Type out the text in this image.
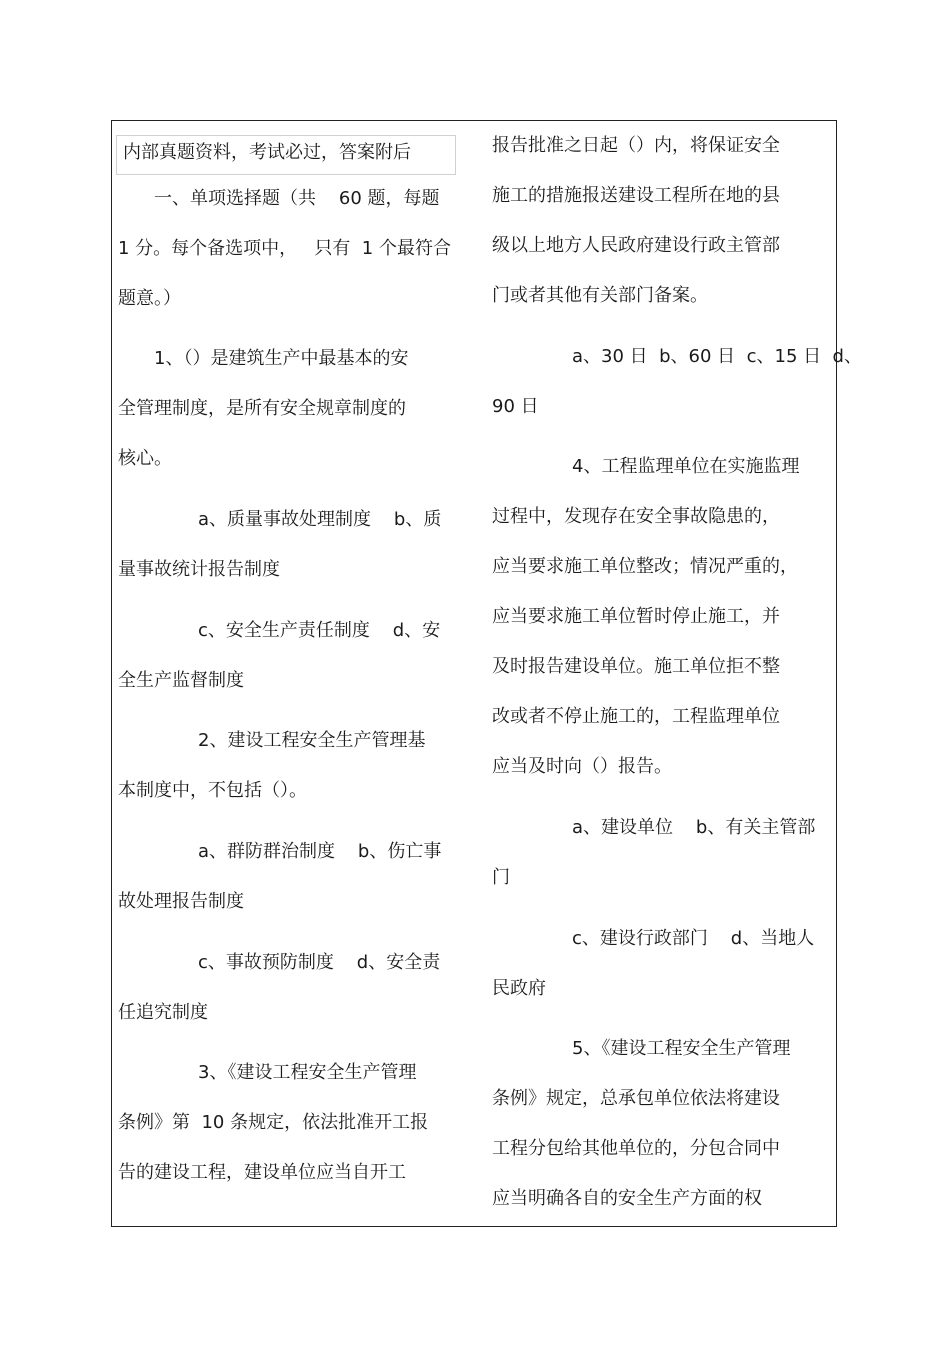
内部真题资料，考试必过，答案附后
一、单项选择题（共    60 题，每题
1 分。每个备选项中，   只有  1 个最符合
题意。）
1、（）是建筑生产中最基本的安
全管理制度，是所有安全规章制度的
核心。
a、质量事故处理制度    b、质
量事故统计报告制度
c、安全生产责任制度    d、安
全生产监督制度
2、建设工程安全生产管理基
本制度中，不包括（）。
a、群防群治制度    b、伤亡事
故处理报告制度
c、事故预防制度    d、安全责
任追究制度
3、《建设工程安全生产管理
条例》第  10 条规定，依法批准开工报
告的建设工程，建设单位应当自开工
报告批准之日起（）内，将保证安全
施工的措施报送建设工程所在地的县
级以上地方人民政府建设行政主管部
门或者其他有关部门备案。
a、30 日  b、60 日  c、15 日  d、
90 日
4、工程监理单位在实施监理
过程中，发现存在安全事故隐患的，
应当要求施工单位整改；情况严重的，
应当要求施工单位暂时停止施工，并
及时报告建设单位。施工单位拒不整
改或者不停止施工的，工程监理单位
应当及时向（）报告。
a、建设单位    b、有关主管部
门
c、建设行政部门    d、当地人
民政府
5、《建设工程安全生产管理
条例》规定，总承包单位依法将建设
工程分包给其他单位的，分包合同中
应当明确各自的安全生产方面的权
